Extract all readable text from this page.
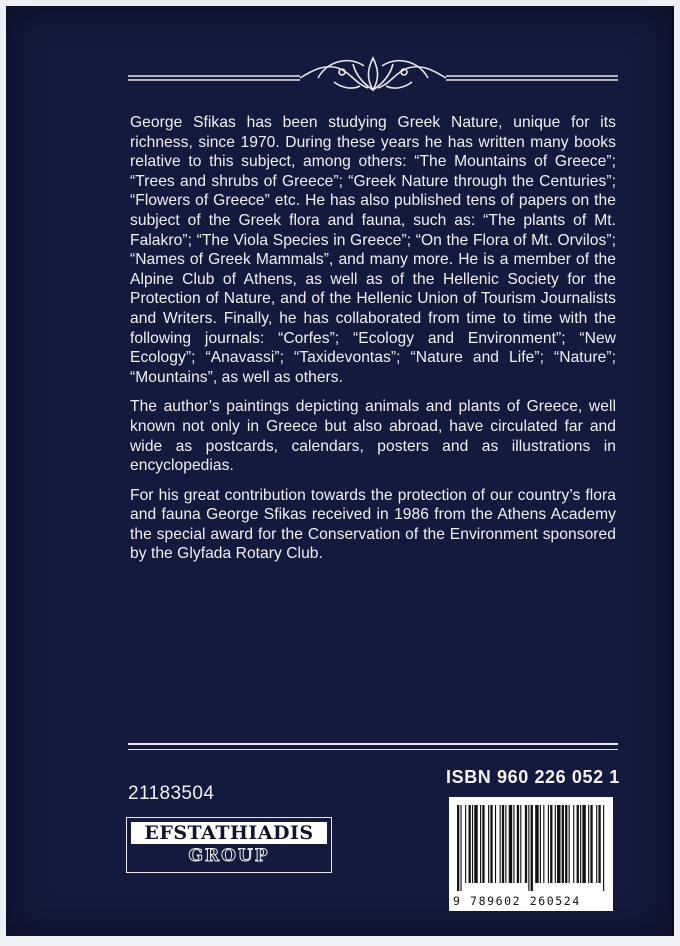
George Sfikas has been studying Greek Nature, unique for its richness, since 1970. During these years he has written many books relative to this subject, among others: “The Mountains of Greece”; “Trees and shrubs of Greece”; “Greek Nature through the Centuries”; “Flowers of Greece” etc. He has also published tens of papers on the subject of the Greek flora and fauna, such as: “The plants of Mt. Falakro”; “The Viola Species in Greece”; “On the Flora of Mt. Orvilos”; “Names of Greek Mammals”, and many more. He is a member of the Alpine Club of Athens, as well as of the Hellenic Society for the Protection of Nature, and of the Hellenic Union of Tourism Journalists and Writers. Finally, he has collaborated from time to time with the following journals: “Corfes”; “Ecology and Environment”; “New Ecology”; “Anavassi”; “Taxidevontas”; “Nature and Life”; “Nature”; “Mountains”, as well as others.

The author’s paintings depicting animals and plants of Greece, well known not only in Greece but also abroad, have circulated far and wide as postcards, calendars, posters and as illustrations in encyclopedias.

For his great contribution towards the protection of our country’s flora and fauna George Sfikas received in 1986 from the Athens Academy the special award for the Conservation of the Environment sponsored by the Glyfada Rotary Club.

21183504
EFSTATHIADIS
GROUP
ISBN 960 226 052 1
9 789602 260524
